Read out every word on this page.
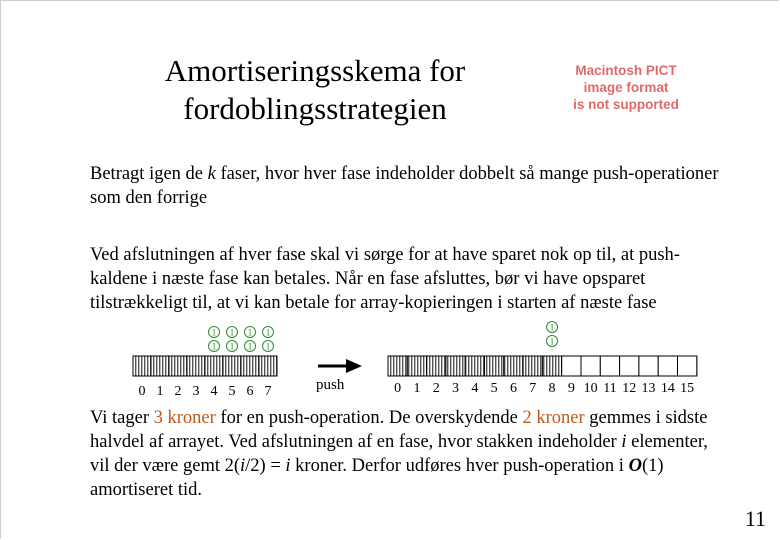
Amortiseringsskema for
fordoblingsstrategien
Macintosh PICT
image format
is not supported
Betragt igen de k faser, hvor hver fase indeholder dobbelt så mange push-operationer som den forrige
Ved afslutningen af hver fase skal vi sørge for at have sparet nok op til, at push-kaldene i næste fase kan betales. Når en fase afsluttes, bør vi have opsparet tilstrækkeligt til, at vi kan betale for array-kopieringen i starten af næste fase
0 1 2 3 4 5 6 7
1
1
1
1
1
1
1
1
0 1 2 3 4 5 6 7 8 9 10 11 12 13 14 15
1
1
push
Vi tager 3 kroner for en push-operation. De overskydende 2 kroner gemmes i sidste halvdel af arrayet. Ved afslutningen af en fase, hvor stakken indeholder i elementer, vil der være gemt 2(i/2) = i kroner. Derfor udføres hver push-operation i O(1) amortiseret tid.
11
